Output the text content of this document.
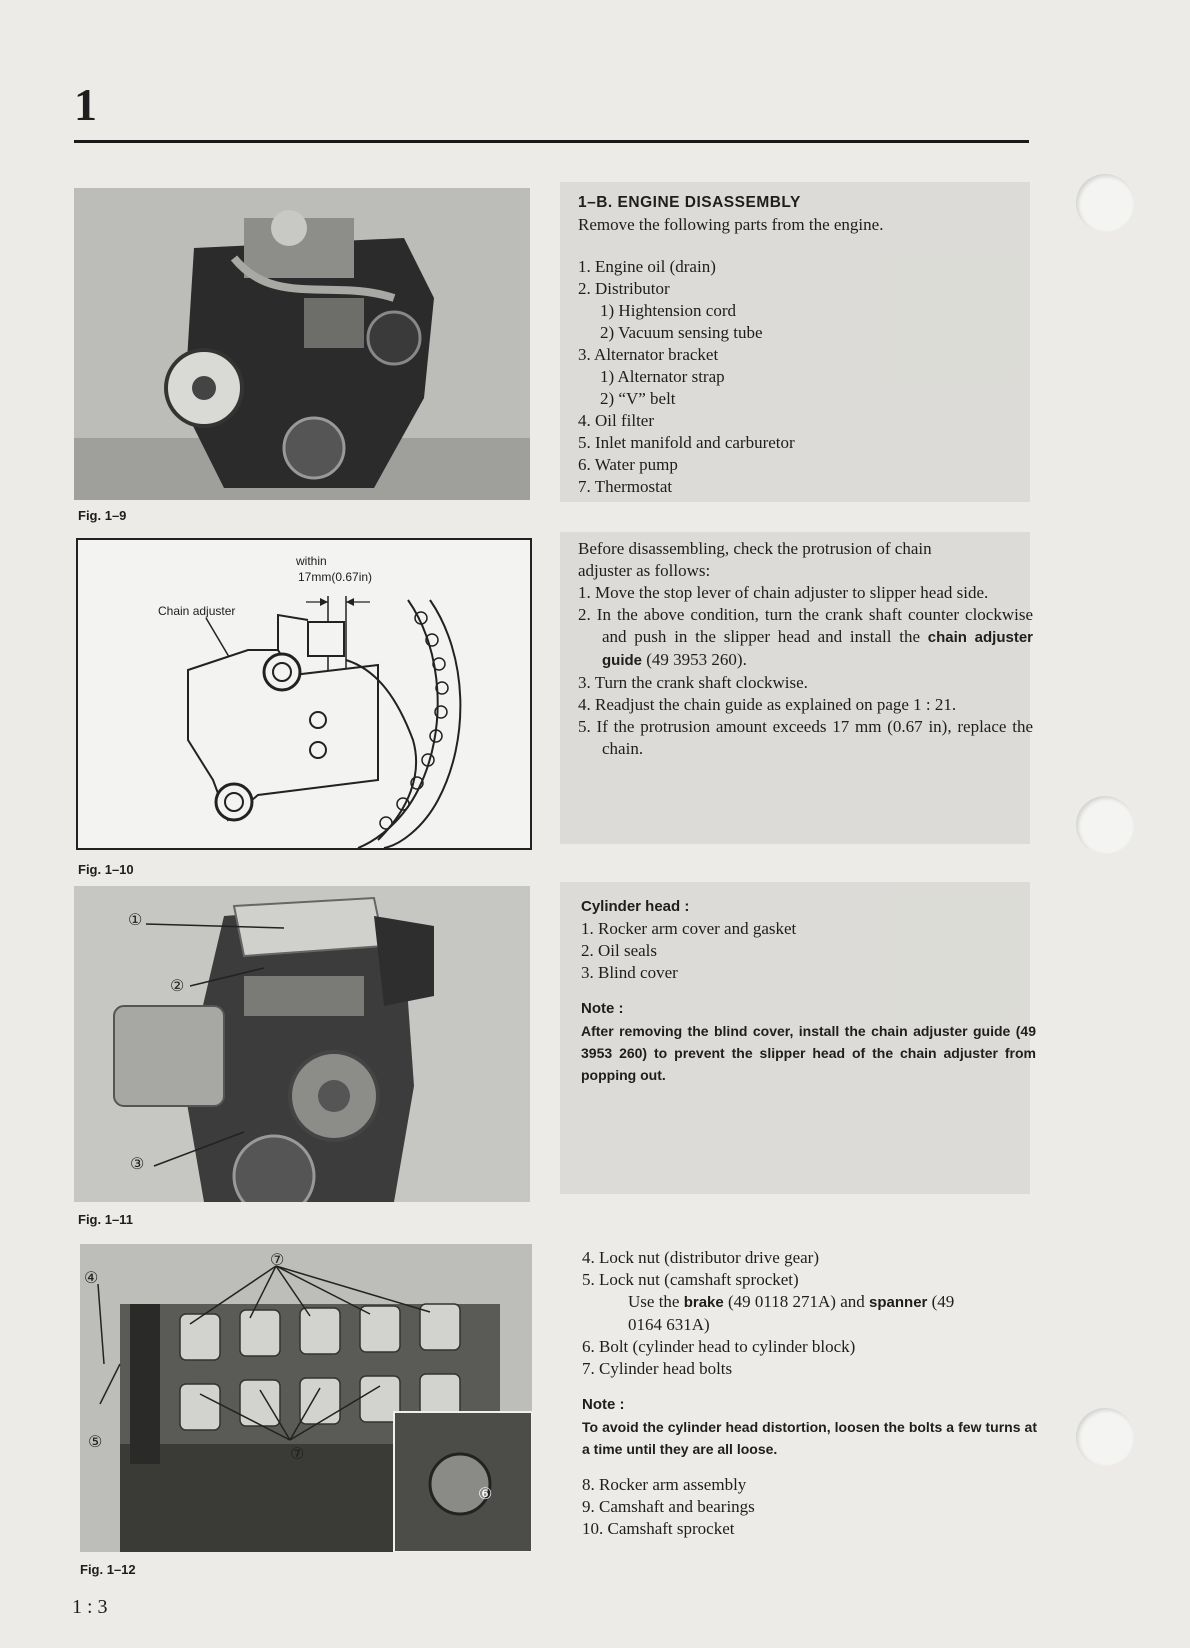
1
Fig. 1–9
within
17mm(0.67in)
Chain adjuster
Fig. 1–10
①
②
③
Fig. 1–11
⑦
④
⑤
⑦
⑥
Fig. 1–12
1–B. ENGINE DISASSEMBLY
Remove the following parts from the engine.
1. Engine oil (drain)
2. Distributor
1) Hightension cord
2) Vacuum sensing tube
3. Alternator bracket
1) Alternator strap
2) “V” belt
4. Oil filter
5. Inlet manifold and carburetor
6. Water pump
7. Thermostat
Before disassembling, check the protrusion of chain
adjuster as follows:
1. Move the stop lever of chain adjuster to slipper head side.
2. In the above condition, turn the crank shaft counter clockwise and push in the slipper head and install the chain adjuster guide (49 3953 260).
3. Turn the crank shaft clockwise.
4. Readjust the chain guide as explained on page 1 : 21.
5. If the protrusion amount exceeds 17 mm (0.67 in), replace the chain.
Cylinder head :
1. Rocker arm cover and gasket
2. Oil seals
3. Blind cover
Note :
After removing the blind cover, install the chain adjuster guide (49 3953 260) to prevent the slipper head of the chain adjuster from popping out.
4. Lock nut (distributor drive gear)
5. Lock nut (camshaft sprocket)
Use the brake (49 0118 271A) and spanner (49
0164 631A)
6. Bolt (cylinder head to cylinder block)
7. Cylinder head bolts
Note :
To avoid the cylinder head distortion, loosen the bolts a few turns at a time until they are all loose.
8. Rocker arm assembly
9. Camshaft and bearings
10. Camshaft sprocket
1 : 3
